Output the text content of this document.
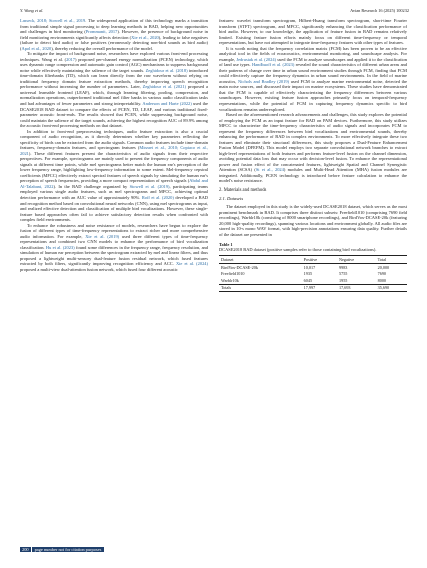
Y. Wang et al.	Avian Research 16 (2025) 100232

Lasseck, 2018; Stowell et al., 2019. The widespread application of this technology marks a transition from traditional simple signal processing to deep learning methods in BAD, helping new opportunities and challenges in bird monitoring (Prommanit, 2017). However, the presence of background noise in field monitoring environments significantly affects detection (Xie et al., 2020), leading to false negatives (failure to detect bird audio) or false positives (erroneously detecting non-bird sounds as bird audio) (Apol et al., 2020), thereby reducing the overall performance of the model.

To mitigate the impact of background noise, researchers have explored various front-end processing techniques. Wang et al. (2017) proposed per-channel energy normalization (PCEN) technology, which uses dynamic range compression and automatic gain control (AGC) mechanisms to suppress background noise while effectively maintaining the salience of the target sounds. Zeghidour et al. (2018) introduced time-domain filterbanks (TD), which can learn directly from the raw waveform without relying on traditional frequency domain feature extraction methods, thereby improving speech recognition performance without increasing the number of parameters. Later, Zeghidour et al. (2021) proposed a universal learnable frontend (LEAF), which, through learning filtering, pooling, compression, and normalization operations, outperformed traditional mel filter banks in various audio classification tasks and had advantages of fewer parameters and strong interpretability. Anderson and Harte (2022) used the DCASE2018 BAD dataset to compare the effects of PCEN, TD, LEAF, and various traditional fixed-parameter acoustic front-ends. The results showed that PCEN, while suppressing background noise, could maintain the salience of the target sounds, achieving the highest recognition AUC of 89.9% among the acoustic front-end processing methods on that dataset.

In addition to front-end preprocessing techniques, audio feature extraction is also a crucial component of audio recognition, as it directly determines whether key parameters reflecting the specificity of birds can be extracted from the audio signals. Common audio features include time-domain features, frequency-domain features, and spectrogram features (Mirzaei et al., 2010; Copiaco et al., 2021). These different features present the characteristics of audio signals from their respective perspectives. For example, spectrograms are mainly used to present the frequency components of audio signals at different time points, while mel spectrograms better match the human ear's perception of the lower frequency range, highlighting low-frequency information to some extent. Mel-frequency cepstral coefficients (MFCC) effectively extract spectral features of speech signals by simulating the human ear's perception of speech frequencies, providing a more compact representation of speech signals (Abdul and Al-Talabani, 2022). In the BAD challenge organized by Stowell et al. (2019), participating teams employed various single audio features, such as mel spectrograms and MFCC, achieving optimal detection performance with an AUC value of approximately 90%. Roff et al. (2020) developed a BAD and recognition method based on convolutional neural networks (CNN), using mel spectrograms as input, and realized effective detection and classification of multiple bird vocalizations. However, these single-feature based approaches often fail to achieve satisfactory detection results when confronted with complex field environments.

To enhance the robustness and noise resistance of models, researchers have begun to explore the fusion of different types of time-frequency representations to extract richer and more comprehensive audio information. For example, Xie et al. (2019) used three different types of time-frequency representations and combined two CNN models to enhance the performance of bird vocalization classification. Hu et al. (2023) found some differences in the frequency range, frequency resolution, and simulation of human ear perception between the spectrogram extracted by mel and linear filters, and thus proposed a lightweight multi-sensory dual-feature fusion residual network, which fused features extracted by both filters, significantly improving recognition efficiency and ACC. Xie et al. (2024) proposed a multi-view dual-attention fusion network, which fused four different acoustic

features: wavelet transform spectrogram, Hilbert-Huang transform spectrogram, short-time Fourier transform (STFT) spectrogram, and MFCC, significantly enhancing the classification performance of bird audio. However, to our knowledge, the application of feature fusion in BAD remains relatively limited. Existing feature fusion efforts mainly focus on different time-frequency or temporal representations, but have not attempted to integrate time-frequency features with other types of features.

It is worth noting that the frequency correlation matrix (FCM) has been proven to be an effective analytical tool in the fields of ecoacoustics, environmental monitoring, and soundscape analysis. For example, Jedrusiak et al. (2024) used the FCM to analyze soundscapes and applied it to the classification of land use types. Handbuoff et al. (2023) revealed the sound characteristics of different urban areas and their patterns of change over time in urban sound environment studies through FCM, finding that FCM could effectively capture the frequency dynamics in urban sound environments. In the field of marine acoustics, Nichols and Bradley (2019) used FCM to analyze marine environmental noise, detected the main noise sources, and discussed their impact on marine ecosystems. These studies have demonstrated that the FCM is capable of effectively characterizing the frequency differences between various soundscapes. However, existing feature fusion approaches primarily focus on temporal-frequency representations, while the potential of FCM in capturing frequency dynamics specific to bird vocalizations remains underexplored.

Based on the aforementioned research advancements and challenges, this study explores the potential of employing the FCM as an input feature for BAD on PAM devices. Furthermore, this study utilizes MFCC to characterize the time-frequency characteristics of audio signals and incorporates FCM to represent the frequency differences between bird vocalizations and environmental sounds, thereby enhancing the performance of BAD in complex environments. To more effectively integrate these two features and eliminate their structural differences, this study proposes a Dual-Feature Enhancement Fusion Model (DFEFM). This model employs two separate convolutional network branches to extract high-level representations of both features and performs feature-level fusion on the channel dimension, avoiding potential data loss that may occur with decision-level fusion. To enhance the representational power and fusion effect of the concatenated features, lightweight Spatial and Channel Synergistic Attention (SCSA) (Si et al., 2024) modules and Multi-Head Attention (MHA) fusion modules are integrated. Additionally, PCEN technology is introduced before feature calculation to enhance the model's noise resistance.

2. Materials and methods
2.1. Datasets

The dataset employed in this study is the widely-used DCASE2018 dataset, which serves as the most prominent benchmark in BAD. It comprises three distinct subsets: Freefield1010 (comprising 7690 field recordings), Warblr10k (consisting of 8000 smartphone recordings), and BirdVox-DCASE-20k (featuring 20,000 high-quality recordings), spanning various locations and environment globally. All audio files are stored in 10-s mono WAV format, with high-precision annotations ensuring data quality. Further details of the dataset are presented in

Table 1
DCASE2018 BAD dataset (positive samples refer to those containing bird vocalizations).
Dataset	Positive	Negative	Total
BirdVox-DCASE-20k	10,017	9983	20,000
Freefield1010	1935	5755	7690
Warblr10k	6045	1955	8000
Totals	17,997	17,693	35,690
200 page number not for citation purposes
